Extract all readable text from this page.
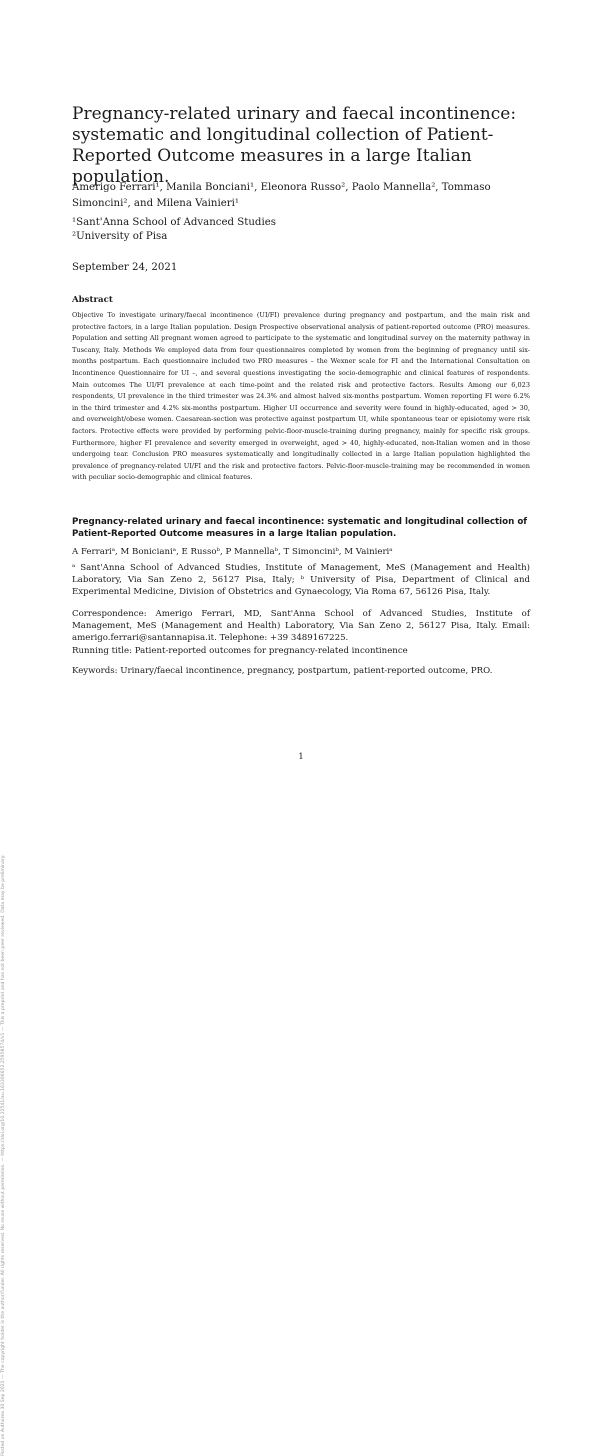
Posted on Authorea 30 Sep 2021 — The copyright holder is the author/funder. All rights reserved. No reuse without permission. — https://doi.org/10.22541/au.163300652.25958574/v1 — This a preprint and has not been peer reviewed. Data may be preliminary.
Pregnancy-related urinary and faecal incontinence: systematic and longitudinal collection of Patient-Reported Outcome measures in a large Italian population.
Amerigo Ferrari¹, Manila Bonciani¹, Eleonora Russo², Paolo Mannella², Tommaso
Simoncini², and Milena Vainieri¹
¹Sant'Anna School of Advanced Studies
²University of Pisa
September 24, 2021
Abstract

Objective To investigate urinary/faecal incontinence (UI/FI) prevalence during pregnancy and postpartum, and the main risk and protective factors, in a large Italian population. Design Prospective observational analysis of patient-reported outcome (PRO) measures. Population and setting All pregnant women agreed to participate to the systematic and longitudinal survey on the maternity pathway in Tuscany, Italy. Methods We employed data from four questionnaires completed by women from the beginning of pregnancy until six-months postpartum. Each questionnaire included two PRO measures – the Wexner scale for FI and the International Consultation on Incontinence Questionnaire for UI –, and several questions investigating the socio-demographic and clinical features of respondents. Main outcomes The UI/FI prevalence at each time-point and the related risk and protective factors. Results Among our 6,023 respondents, UI prevalence in the third trimester was 24.3% and almost halved six-months postpartum. Women reporting FI were 6.2% in the third trimester and 4.2% six-months postpartum. Higher UI occurrence and severity were found in highly-educated, aged > 30, and overweight/obese women. Caesarean-section was protective against postpartum UI, while spontaneous tear or episiotomy were risk factors. Protective effects were provided by performing pelvic-floor-muscle-training during pregnancy, mainly for specific risk groups. Furthermore, higher FI prevalence and severity emerged in overweight, aged > 40, highly-educated, non-Italian women and in those undergoing tear. Conclusion PRO measures systematically and longitudinally collected in a large Italian population highlighted the prevalence of pregnancy-related UI/FI and the risk and protective factors. Pelvic-floor-muscle-training may be recommended in women with peculiar socio-demographic and clinical features.

Pregnancy-related urinary and faecal incontinence: systematic and longitudinal collection of Patient-Reported Outcome measures in a large Italian population.

A Ferrariᵃ, M Bonicianiᵃ, E Russoᵇ, P Mannellaᵇ, T Simonciniᵇ, M Vainieriᵃ

ᵃ Sant'Anna School of Advanced Studies, Institute of Management, MeS (Management and Health) Laboratory, Via San Zeno 2, 56127 Pisa, Italy; ᵇ University of Pisa, Department of Clinical and Experimental Medicine, Division of Obstetrics and Gynaecology, Via Roma 67, 56126 Pisa, Italy.

Correspondence: Amerigo Ferrari, MD, Sant'Anna School of Advanced Studies, Institute of Management, MeS (Management and Health) Laboratory, Via San Zeno 2, 56127 Pisa, Italy. Email: amerigo.ferrari@santannapisa.it. Telephone: +39 3489167225.

Running title: Patient-reported outcomes for pregnancy-related incontinence
Keywords: Urinary/faecal incontinence, pregnancy, postpartum, patient-reported outcome, PRO.
1
